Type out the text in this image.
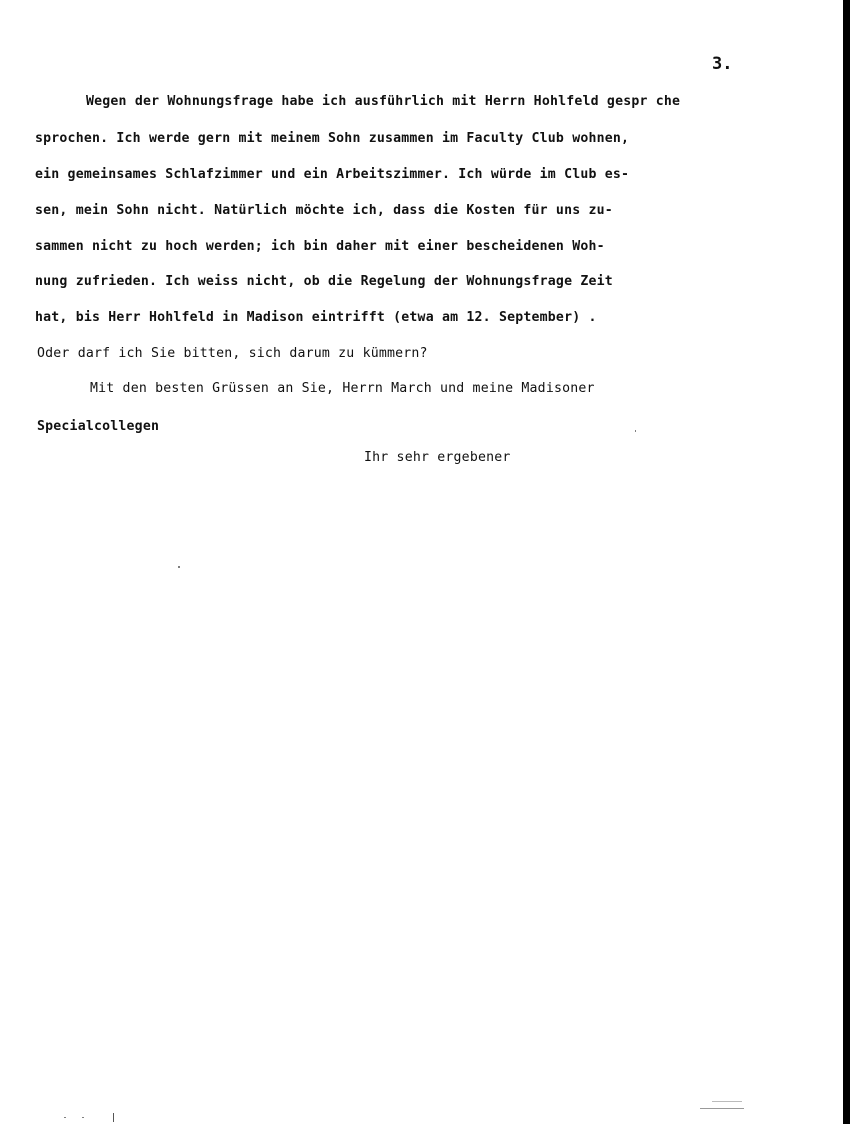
3.
Wegen der Wohnungsfrage habe ich ausführlich mit Herrn Hohlfeld gespr che
sprochen. Ich werde gern mit meinem Sohn zusammen im Faculty Club wohnen,
ein gemeinsames Schlafzimmer und ein Arbeitszimmer. Ich würde im Club es-
sen, mein Sohn nicht. Natürlich möchte ich, dass die Kosten für uns zu-
sammen nicht zu hoch werden; ich bin daher mit einer bescheidenen Woh-
nung zufrieden. Ich weiss nicht, ob die Regelung der Wohnungsfrage Zeit
hat, bis Herr Hohlfeld in Madison eintrifft (etwa am 12. September) .
Oder darf ich Sie bitten, sich darum zu kümmern?
Mit den besten Grüssen an Sie, Herrn March und meine Madisoner
Specialcollegen
Ihr sehr ergebener
